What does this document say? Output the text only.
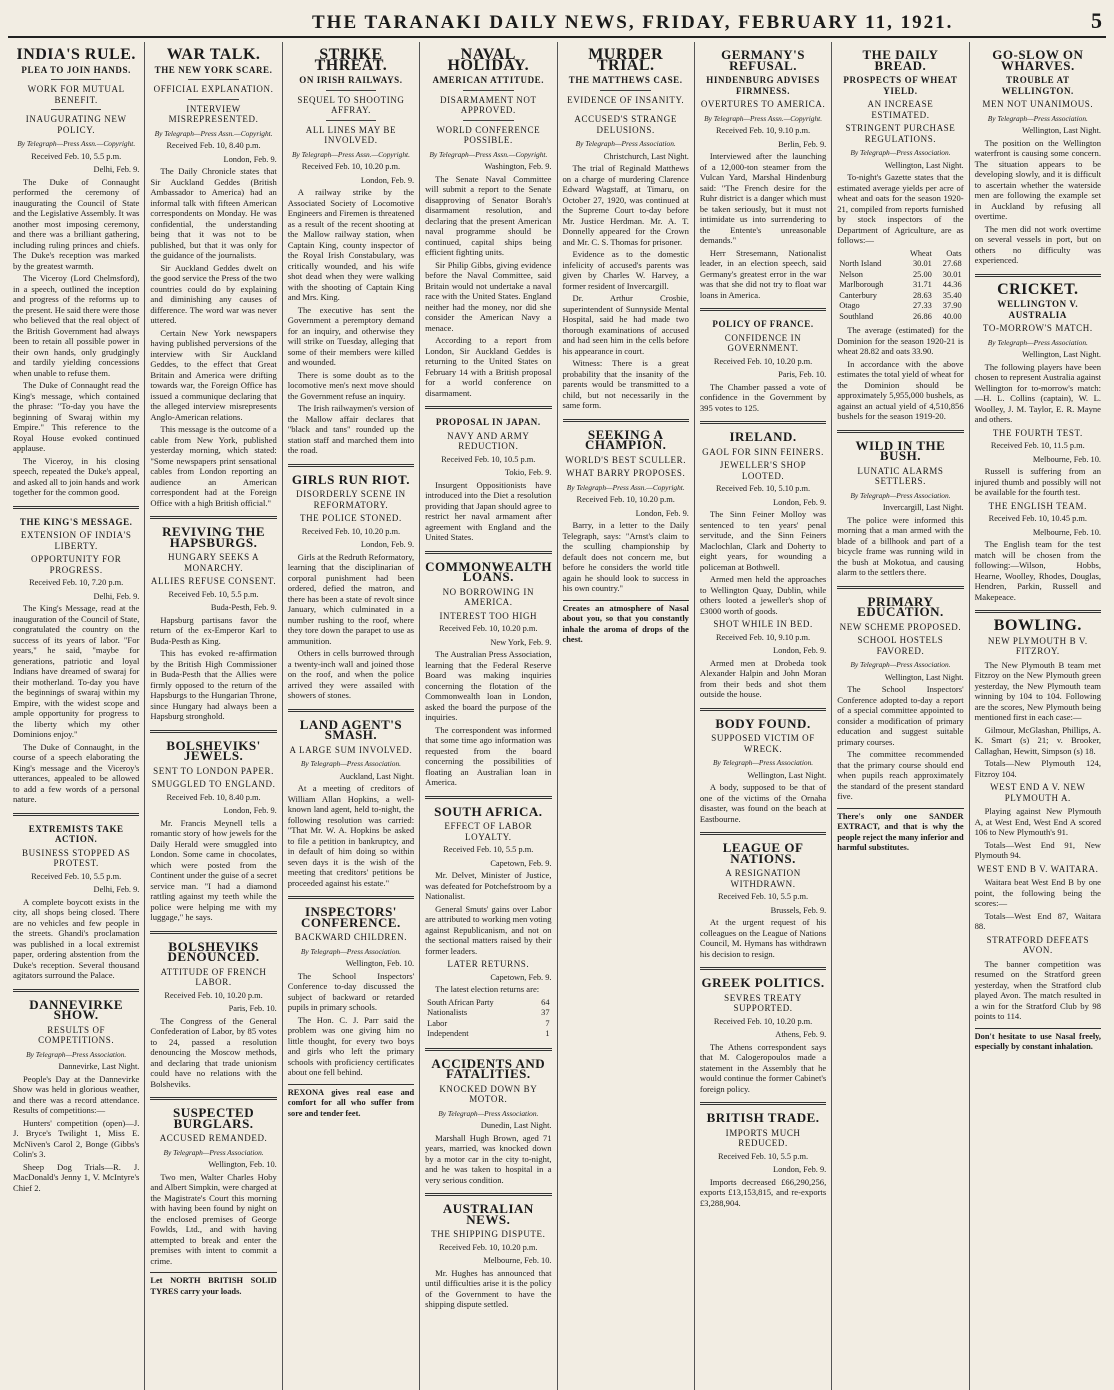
THE TARANAKI DAILY NEWS, FRIDAY, FEBRUARY 11, 1921.	5
INDIA'S RULE.
PLEA TO JOIN HANDS.
WORK FOR MUTUAL BENEFIT.
INAUGURATING NEW POLICY.
By Telegraph—Press Assn.—Copyright.
Received Feb. 10, 5.5 p.m.
Delhi, Feb. 9.

The Duke of Connaught performed the ceremony of inaugurating the Council of State and the Legislative Assembly. It was another most imposing ceremony, and there was a brilliant gathering, including ruling princes and chiefs. The Duke's reception was marked by the greatest warmth.

The Viceroy (Lord Chelmsford), in a speech, outlined the inception and progress of the reforms up to the present. He said there were those who believed that the real object of the British Government had always been to retain all possible power in their own hands, only grudgingly and tardily yielding concessions when unable to refuse them.

The Duke of Connaught read the King's message, which contained the phrase: "To-day you have the beginning of Swaraj within my Empire." This reference to the Royal House evoked continued applause.

The Viceroy, in his closing speech, repeated the Duke's appeal, and asked all to join hands and work together for the common good.

THE KING'S MESSAGE.
EXTENSION OF INDIA'S LIBERTY.
OPPORTUNITY FOR PROGRESS.
Received Feb. 10, 7.20 p.m.
Delhi, Feb. 9.

The King's Message, read at the inauguration of the Council of State, congratulated the country on the success of its years of labor. "For years," he said, "maybe for generations, patriotic and loyal Indians have dreamed of swaraj for their motherland. To-day you have the beginnings of swaraj within my Empire, with the widest scope and ample opportunity for progress to the liberty which my other Dominions enjoy."

The Duke of Connaught, in the course of a speech elaborating the King's message and the Viceroy's utterances, appealed to be allowed to add a few words of a personal nature.

EXTREMISTS TAKE ACTION.
BUSINESS STOPPED AS PROTEST.
Received Feb. 10, 5.5 p.m.
Delhi, Feb. 9.

A complete boycott exists in the city, all shops being closed. There are no vehicles and few people in the streets. Ghandi's proclamation was published in a local extremist paper, ordering abstention from the Duke's reception. Several thousand agitators surround the Palace.

DANNEVIRKE SHOW.
RESULTS OF COMPETITIONS.
By Telegraph—Press Association.
Dannevirke, Last Night.

People's Day at the Dannevirke Show was held in glorious weather, and there was a record attendance. Results of competitions:—

Hunters' competition (open)—J. J. Bryce's Twilight 1, Miss E. McNiven's Carol 2, Bonge (Gibbs's Colin's 3.

Sheep Dog Trials—R. J. MacDonald's Jenny 1, V. McIntyre's Chief 2.

WAR TALK.
THE NEW YORK SCARE.
OFFICIAL EXPLANATION.
INTERVIEW MISREPRESENTED.
By Telegraph—Press Assn.—Copyright.
Received Feb. 10, 8.40 p.m.
London, Feb. 9.

The Daily Chronicle states that Sir Auckland Geddes (British Ambassador to America) had an informal talk with fifteen American correspondents on Monday. He was confidential, the understanding being that it was not to be published, but that it was only for the guidance of the journalists.

Sir Auckland Geddes dwelt on the good service the Press of the two countries could do by explaining and diminishing any causes of difference. The word war was never uttered.

Certain New York newspapers having published perversions of the interview with Sir Auckland Geddes, to the effect that Great Britain and America were drifting towards war, the Foreign Office has issued a communique declaring that the alleged interview misrepresents Anglo-American relations.

This message is the outcome of a cable from New York, published yesterday morning, which stated: "Some newspapers print sensational cables from London reporting an audience an American correspondent had at the Foreign Office with a high British official."

REVIVING THE HAPSBURGS.
HUNGARY SEEKS A MONARCHY.
ALLIES REFUSE CONSENT.
Received Feb. 10, 5.5 p.m.
Buda-Pesth, Feb. 9.

Hapsburg partisans favor the return of the ex-Emperor Karl to Buda-Pesth as King.

This has evoked re-affirmation by the British High Commissioner in Buda-Pesth that the Allies were firmly opposed to the return of the Hapsburgs to the Hungarian Throne, since Hungary had always been a Hapsburg stronghold.

BOLSHEVIKS' JEWELS.
SENT TO LONDON PAPER.
SMUGGLED TO ENGLAND.
Received Feb. 10, 8.40 p.m.
London, Feb. 9.

Mr. Francis Meynell tells a romantic story of how jewels for the Daily Herald were smuggled into London. Some came in chocolates, which were posted from the Continent under the guise of a secret service man. "I had a diamond rattling against my teeth while the police were helping me with my luggage," he says.

BOLSHEVIKS DENOUNCED.
ATTITUDE OF FRENCH LABOR.
Received Feb. 10, 10.20 p.m.
Paris, Feb. 10.

The Congress of the General Confederation of Labor, by 85 votes to 24, passed a resolution denouncing the Moscow methods, and declaring that trade unionism could have no relations with the Bolsheviks.

SUSPECTED BURGLARS.
ACCUSED REMANDED.
By Telegraph—Press Association.
Wellington, Feb. 10.

Two men, Walter Charles Hoby and Albert Simpkin, were charged at the Magistrate's Court this morning with having been found by night on the enclosed premises of George Fowlds, Ltd., and with having attempted to break and enter the premises with intent to commit a crime.

Let NORTH BRITISH SOLID TYRES carry your loads.
STRIKE THREAT.
ON IRISH RAILWAYS.
SEQUEL TO SHOOTING AFFRAY.
ALL LINES MAY BE INVOLVED.
By Telegraph—Press Assn.—Copyright.
Received Feb. 10, 10.20 p.m.
London, Feb. 9.

A railway strike by the Associated Society of Locomotive Engineers and Firemen is threatened as a result of the recent shooting at the Mallow railway station, when Captain King, county inspector of the Royal Irish Constabulary, was critically wounded, and his wife shot dead when they were walking with the shooting of Captain King and Mrs. King.

The executive has sent the Government a peremptory demand for an inquiry, and otherwise they will strike on Tuesday, alleging that some of their members were killed and wounded.

There is some doubt as to the locomotive men's next move should the Government refuse an inquiry.

The Irish railwaymen's version of the Mallow affair declares that "black and tans" rounded up the station staff and marched them into the road.

GIRLS RUN RIOT.
DISORDERLY SCENE IN REFORMATORY.
THE POLICE STONED.
Received Feb. 10, 10.20 p.m.
London, Feb. 9.

Girls at the Redruth Reformatory, learning that the disciplinarian of corporal punishment had been ordered, defied the matron, and there has been a state of revolt since January, which culminated in a number rushing to the roof, where they tore down the parapet to use as ammunition.

Others in cells burrowed through a twenty-inch wall and joined those on the roof, and when the police arrived they were assailed with showers of stones.

LAND AGENT'S SMASH.
A LARGE SUM INVOLVED.
By Telegraph—Press Association.
Auckland, Last Night.

At a meeting of creditors of William Allan Hopkins, a well-known land agent, held to-night, the following resolution was carried: "That Mr. W. A. Hopkins be asked to file a petition in bankruptcy, and in default of him doing so within seven days it is the wish of the meeting that creditors' petitions be proceeded against his estate."

INSPECTORS' CONFERENCE.
BACKWARD CHILDREN.
By Telegraph—Press Association.
Wellington, Feb. 10.

The School Inspectors' Conference to-day discussed the subject of backward or retarded pupils in primary schools.

The Hon. C. J. Parr said the problem was one giving him no little thought, for every two boys and girls who left the primary schools with proficiency certificates about one fell behind.

REXONA gives real ease and comfort for all who suffer from sore and tender feet.
NAVAL HOLIDAY.
AMERICAN ATTITUDE.
DISARMAMENT NOT APPROVED.
WORLD CONFERENCE POSSIBLE.
By Telegraph—Press Assn.—Copyright.
Washington, Feb. 9.

The Senate Naval Committee will submit a report to the Senate disapproving of Senator Borah's disarmament resolution, and declaring that the present American naval programme should be continued, capital ships being efficient fighting units.

Sir Philip Gibbs, giving evidence before the Naval Committee, said Britain would not undertake a naval race with the United States. England neither had the money, nor did she consider the American Navy a menace.

According to a report from London, Sir Auckland Geddes is returning to the United States on February 14 with a British proposal for a world conference on disarmament.

PROPOSAL IN JAPAN.
NAVY AND ARMY REDUCTION.
Received Feb. 10, 10.5 p.m.
Tokio, Feb. 9.

Insurgent Oppositionists have introduced into the Diet a resolution providing that Japan should agree to restrict her naval armament after agreement with England and the United States.

COMMONWEALTH LOANS.
NO BORROWING IN AMERICA.
INTEREST TOO HIGH
Received Feb. 10, 10.20 p.m.
New York, Feb. 9.

The Australian Press Association, learning that the Federal Reserve Board was making inquiries concerning the flotation of the Commonwealth loan in London, asked the board the purpose of the inquiries.

The correspondent was informed that some time ago information was requested from the board concerning the possibilities of floating an Australian loan in America.

SOUTH AFRICA.
EFFECT OF LABOR LOYALTY.
Received Feb. 10, 5.5 p.m.
Capetown, Feb. 9.

Mr. Delvet, Minister of Justice, was defeated for Potchefstroom by a Nationalist.

General Smuts' gains over Labor are attributed to working men voting against Republicanism, and not on the sectional matters raised by their former leaders.

LATER RETURNS.
Capetown, Feb. 9.

The latest election returns are:

South African Party	64
Nationalists	37
Labor	7
Independent	1
ACCIDENTS AND FATALITIES.
KNOCKED DOWN BY MOTOR.
By Telegraph—Press Association.
Dunedin, Last Night.

Marshall Hugh Brown, aged 71 years, married, was knocked down by a motor car in the city to-night, and he was taken to hospital in a very serious condition.

AUSTRALIAN NEWS.
THE SHIPPING DISPUTE.
Received Feb. 10, 10.20 p.m.
Melbourne, Feb. 10.

Mr. Hughes has announced that until difficulties arise it is the policy of the Government to have the shipping dispute settled.

MURDER TRIAL.
THE MATTHEWS CASE.
EVIDENCE OF INSANITY.
ACCUSED'S STRANGE DELUSIONS.
By Telegraph—Press Association.
Christchurch, Last Night.

The trial of Reginald Matthews on a charge of murdering Clarence Edward Wagstaff, at Timaru, on October 27, 1920, was continued at the Supreme Court to-day before Mr. Justice Herdman. Mr. A. T. Donnelly appeared for the Crown and Mr. C. S. Thomas for prisoner.

Evidence as to the domestic infelicity of accused's parents was given by Charles W. Harvey, a former resident of Invercargill.

Dr. Arthur Crosbie, superintendent of Sunnyside Mental Hospital, said he had made two thorough examinations of accused and had seen him in the cells before his appearance in court.

Witness: There is a great probability that the insanity of the parents would be transmitted to a child, but not necessarily in the same form.

SEEKING A CHAMPION.
WORLD'S BEST SCULLER.
WHAT BARRY PROPOSES.
By Telegraph—Press Assn.—Copyright.
Received Feb. 10, 10.20 p.m.
London, Feb. 9.

Barry, in a letter to the Daily Telegraph, says: "Arnst's claim to the sculling championship by default does not concern me, but before he considers the world title again he should look to success in his own country."

Creates an atmosphere of Nasal about you, so that you constantly inhale the aroma of drops of the chest.
GERMANY'S REFUSAL.
HINDENBURG ADVISES FIRMNESS.
OVERTURES TO AMERICA.
By Telegraph—Press Assn.—Copyright.
Received Feb. 10, 9.10 p.m.
Berlin, Feb. 9.

Interviewed after the launching of a 12,000-ton steamer from the Vulcan Yard, Marshal Hindenburg said: "The French desire for the Ruhr district is a danger which must be taken seriously, but it must not intimidate us into surrendering to the Entente's unreasonable demands."

Herr Stresemann, Nationalist leader, in an election speech, said Germany's greatest error in the war was that she did not try to float war loans in America.

POLICY OF FRANCE.
CONFIDENCE IN GOVERNMENT.
Received Feb. 10, 10.20 p.m.
Paris, Feb. 10.

The Chamber passed a vote of confidence in the Government by 395 votes to 125.

IRELAND.
GAOL FOR SINN FEINERS.
JEWELLER'S SHOP LOOTED.
Received Feb. 10, 5.10 p.m.
London, Feb. 9.

The Sinn Feiner Molloy was sentenced to ten years' penal servitude, and the Sinn Feiners Maclochlan, Clark and Doherty to eight years, for wounding a policeman at Bothwell.

Armed men held the approaches to Wellington Quay, Dublin, while others looted a jeweller's shop of £3000 worth of goods.

SHOT WHILE IN BED.
Received Feb. 10, 9.10 p.m.
London, Feb. 9.

Armed men at Drobeda took Alexander Halpin and John Moran from their beds and shot them outside the house.

BODY FOUND.
SUPPOSED VICTIM OF WRECK.
By Telegraph—Press Association.
Wellington, Last Night.

A body, supposed to be that of one of the victims of the Ornaha disaster, was found on the beach at Eastbourne.

LEAGUE OF NATIONS.
A RESIGNATION WITHDRAWN.
Received Feb. 10, 5.5 p.m.
Brussels, Feb. 9.

At the urgent request of his colleagues on the League of Nations Council, M. Hymans has withdrawn his decision to resign.

GREEK POLITICS.
SEVRES TREATY SUPPORTED.
Received Feb. 10, 10.20 p.m.
Athens, Feb. 9.

The Athens correspondent says that M. Calogeropoulos made a statement in the Assembly that he would continue the former Cabinet's foreign policy.

BRITISH TRADE.
IMPORTS MUCH REDUCED.
Received Feb. 10, 5.5 p.m.
London, Feb. 9.

Imports decreased £66,290,256, exports £13,153,815, and re-exports £3,288,904.

THE DAILY BREAD.
PROSPECTS OF WHEAT YIELD.
AN INCREASE ESTIMATED.
STRINGENT PURCHASE REGULATIONS.
By Telegraph—Press Association.
Wellington, Last Night.

To-night's Gazette states that the estimated average yields per acre of wheat and oats for the season 1920-21, compiled from reports furnished by stock inspectors of the Department of Agriculture, are as follows:—

	Wheat	Oats
North Island	30.01	27.68
Nelson	25.00	30.01
Marlborough	31.71	44.36
Canterbury	28.63	35.40
Otago	27.33	37.90
Southland	26.86	40.00

The average (estimated) for the Dominion for the season 1920-21 is wheat 28.82 and oats 33.90.

In accordance with the above estimates the total yield of wheat for the Dominion should be approximately 5,955,000 bushels, as against an actual yield of 4,510,856 bushels for the season 1919-20.

WILD IN THE BUSH.
LUNATIC ALARMS SETTLERS.
By Telegraph—Press Association.
Invercargill, Last Night.

The police were informed this morning that a man armed with the blade of a billhook and part of a bicycle frame was running wild in the bush at Mokotua, and causing alarm to the settlers there.

PRIMARY EDUCATION.
NEW SCHEME PROPOSED.
SCHOOL HOSTELS FAVORED.
By Telegraph—Press Association.
Wellington, Last Night.

The School Inspectors' Conference adopted to-day a report of a special committee appointed to consider a modification of primary education and suggest suitable primary courses.

The committee recommended that the primary course should end when pupils reach approximately the standard of the present standard five.

There's only one SANDER EXTRACT, and that is why the people reject the many inferior and harmful substitutes.
GO-SLOW ON WHARVES.
TROUBLE AT WELLINGTON.
MEN NOT UNANIMOUS.
By Telegraph—Press Association.
Wellington, Last Night.

The position on the Wellington waterfront is causing some concern. The situation appears to be developing slowly, and it is difficult to ascertain whether the waterside men are following the example set in Auckland by refusing all overtime.

The men did not work overtime on several vessels in port, but on others no difficulty was experienced.

CRICKET.
WELLINGTON V. AUSTRALIA
TO-MORROW'S MATCH.
By Telegraph—Press Association.
Wellington, Last Night.

The following players have been chosen to represent Australia against Wellington for to-morrow's match:—H. L. Collins (captain), W. L. Woolley, J. M. Taylor, E. R. Mayne and others.

THE FOURTH TEST.
Received Feb. 10, 11.5 p.m.
Melbourne, Feb. 10.

Russell is suffering from an injured thumb and possibly will not be available for the fourth test.

THE ENGLISH TEAM.
Received Feb. 10, 10.45 p.m.
Melbourne, Feb. 10.

The English team for the test match will be chosen from the following:—Wilson, Hobbs, Hearne, Woolley, Rhodes, Douglas, Hendren, Parkin, Russell and Makepeace.

BOWLING.
NEW PLYMOUTH B V. FITZROY.

The New Plymouth B team met Fitzroy on the New Plymouth green yesterday, the New Plymouth team winning by 104 to 104. Following are the scores, New Plymouth being mentioned first in each case:—

Gilmour, McGlashan, Phillips, A. K. Smart (s) 21; v. Brooker, Callaghan, Hewitt, Simpson (s) 18.

Totals—New Plymouth 124, Fitzroy 104.

WEST END A V. NEW PLYMOUTH A.

Playing against New Plymouth A, at West End, West End A scored 106 to New Plymouth's 91.

Totals—West End 91, New Plymouth 94.

WEST END B V. WAITARA.

Waitara beat West End B by one point, the following being the scores:—

Totals—West End 87, Waitara 88.

STRATFORD DEFEATS AVON.

The banner competition was resumed on the Stratford green yesterday, when the Stratford club played Avon. The match resulted in a win for the Stratford Club by 98 points to 114.

Don't hesitate to use Nasal freely, especially by constant inhalation.
